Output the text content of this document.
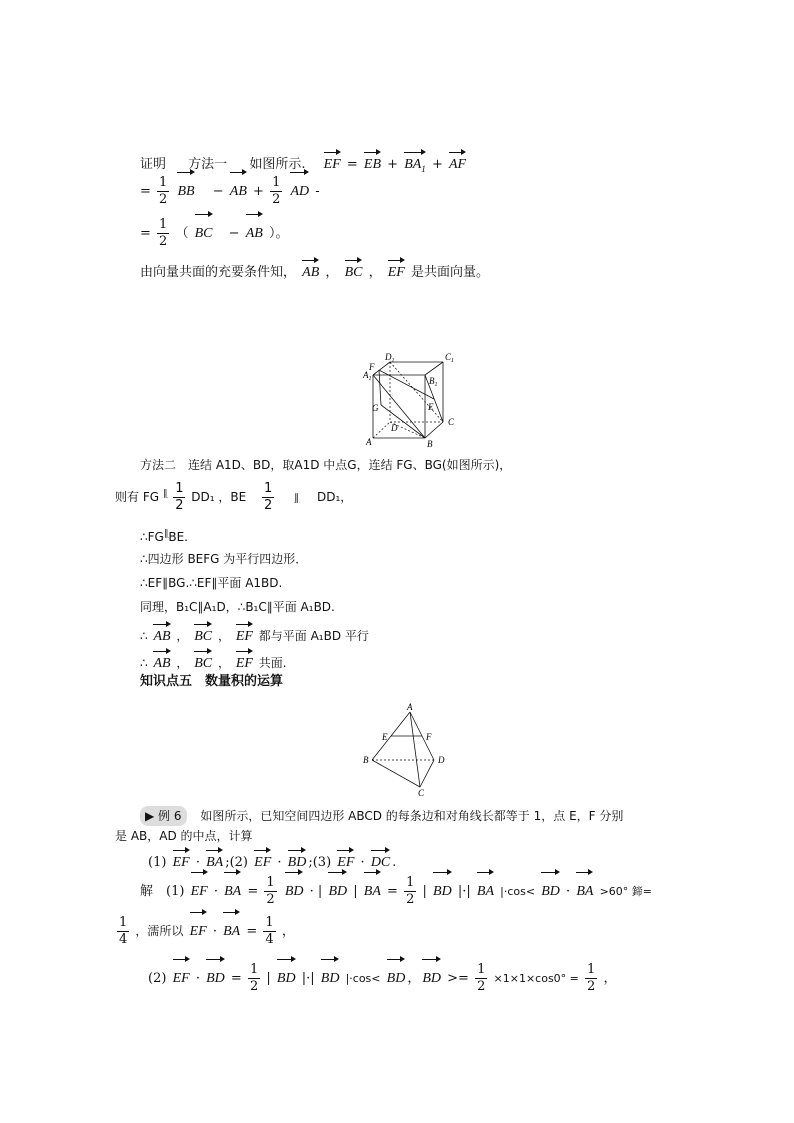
证明 方法一 如图所示. EF = EB + $BA_1$ + AF
= $\frac{1}{2}$ BB − AB + $\frac{1}{2}$ AD -
= $\frac{1}{2}$ （ BC − AB ）。
由向量共面的充要条件知， AB ， BC ， EF 是共面向量。
$D_1$	$C_1$
$A_1$	$B_1$
F
G	E
D
C
A	B
方法二　连结 A1D、BD，取A1D 中点G，连结 FG、BG(如图所示)，
则有 FG $^\parallel \frac{1}{2} DD_1$ ，BE $\frac{1}{2}$ ∥ DD₁，
∴FG∥BE.
∴四边形 BEFG 为平行四边形．
∴EF∥BG.∴EF∥平面 A1BD.
同理，B₁C∥A₁D，∴B₁C∥平面 A₁BD.
∴ AB ， BC ， EF 都与平面 A₁BD 平行
∴ AB ， BC ， EF 共面.
知识点五　数量积的运算
A
E	F
B	D
C
▶ 例 6 如图所示，已知空间四边形 ABCD 的每条边和对角线长都等于 1，点 E，F 分别
是 AB，AD 的中点，计算
(1) EF · BA ;(2) EF · BD ;(3) EF · DC .
解　(1) EF · BA = $\frac{1}{2}$ BD · | BD | BA = $\frac{1}{2}$ | BD |·| BA |·cos< BD · BA >60° 鍗=
$\frac{1}{4}$ ，濡所以 EF · BA = $\frac{1}{4}$ ，
(2) EF · BD = $\frac{1}{2}$ | BD |·| BD |·cos< BD ， BD >= $\frac{1}{2} \times 1\times 1\times\cos 0^\circ = \frac{1}{2}$ ，
